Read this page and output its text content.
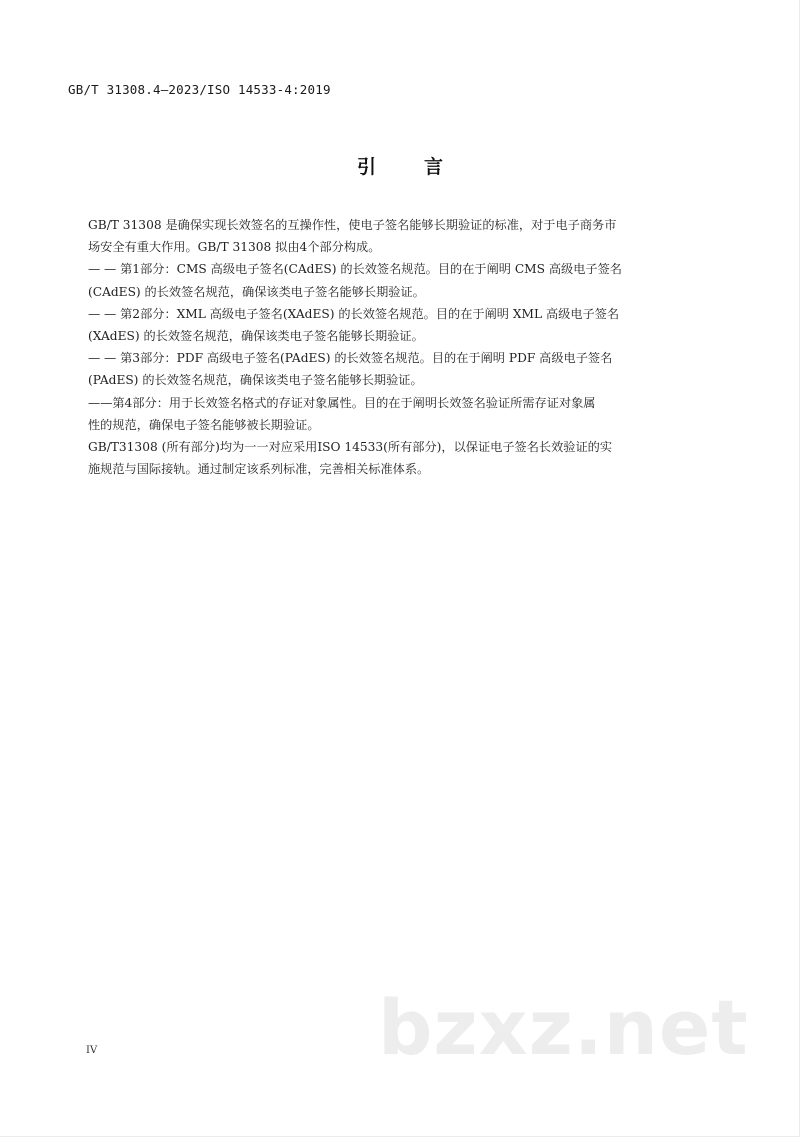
GB/T 31308.4—2023/ISO 14533-4:2019
引言

GB/T 31308 是确保实现长效签名的互操作性，使电子签名能够长期验证的标准，对于电子商务市
场安全有重大作用。GB/T 31308 拟由4个部分构成。

— — 第1部分：CMS 高级电子签名(CAdES) 的长效签名规范。目的在于阐明 CMS 高级电子签名
(CAdES) 的长效签名规范，确保该类电子签名能够长期验证。

— — 第2部分：XML 高级电子签名(XAdES) 的长效签名规范。目的在于阐明 XML 高级电子签名
(XAdES) 的长效签名规范，确保该类电子签名能够长期验证。

— — 第3部分：PDF 高级电子签名(PAdES) 的长效签名规范。目的在于阐明 PDF 高级电子签名
(PAdES) 的长效签名规范，确保该类电子签名能够长期验证。

——第4部分：用于长效签名格式的存证对象属性。目的在于阐明长效签名验证所需存证对象属
性的规范，确保电子签名能够被长期验证。

GB/T31308 (所有部分)均为一一对应采用ISO 14533(所有部分)，以保证电子签名长效验证的实
施规范与国际接轨。通过制定该系列标准，完善相关标准体系。

bzxz.net
IV
